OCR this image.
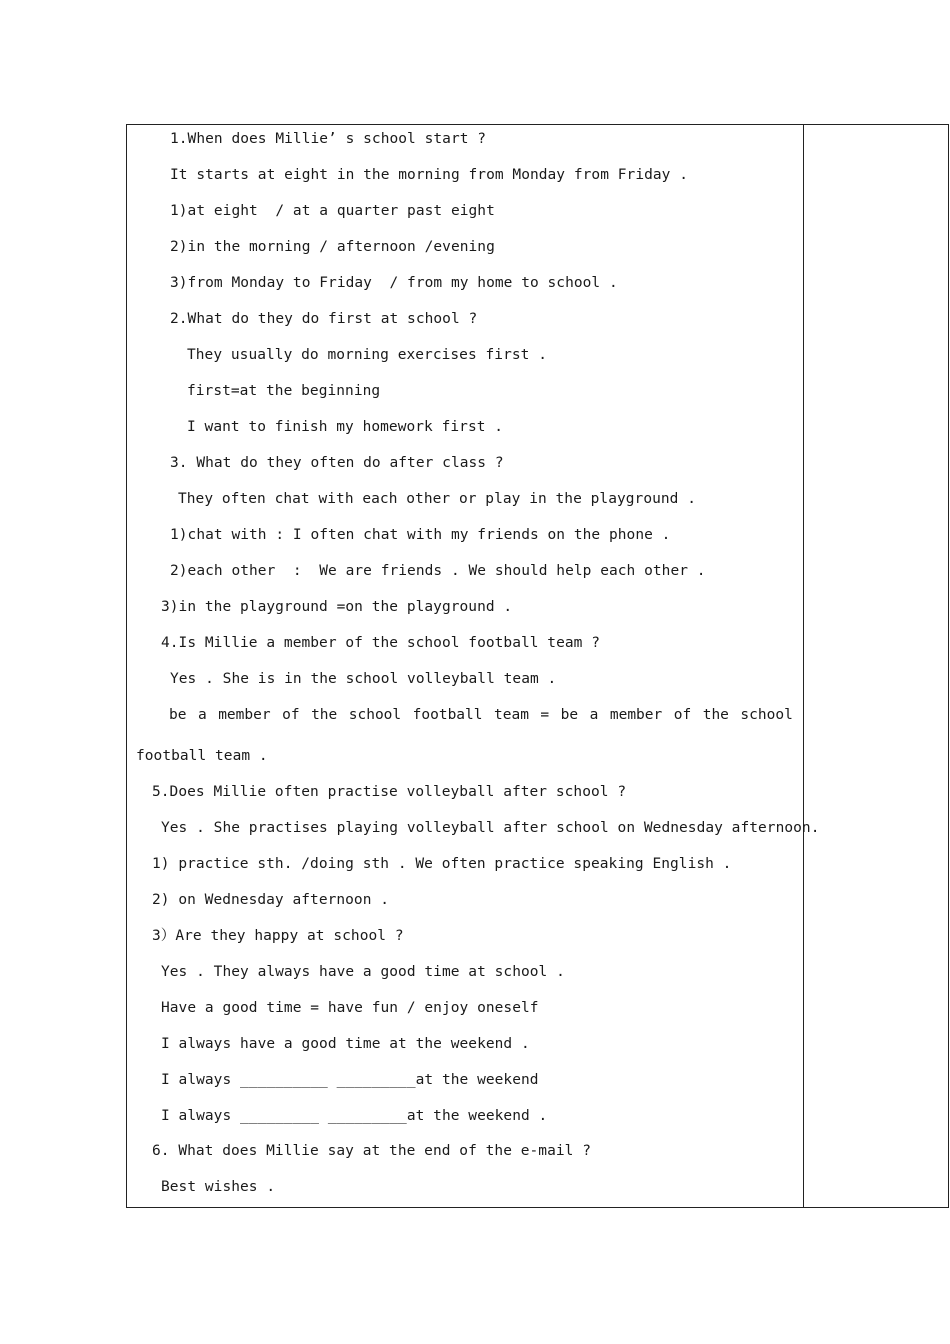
1.When does Millie’ s school start ?
It starts at eight in the morning from Monday from Friday .
1)at eight  / at a quarter past eight
2)in the morning / afternoon /evening
3)from Monday to Friday  / from my home to school .
2.What do they do first at school ?
They usually do morning exercises first .
first=at the beginning
I want to finish my homework first .
3. What do they often do after class ?
They often chat with each other or play in the playground .
1)chat with : I often chat with my friends on the phone .
2)each other  :  We are friends . We should help each other .
3)in the playground =on the playground .
4.Is Millie a member of the school football team ?
Yes . She is in the school volleyball team .
be a member of the school football team = be a member of the school
football team .
5.Does Millie often practise volleyball after school ?
Yes . She practises playing volleyball after school on Wednesday afternoon.
1) practice sth. /doing sth . We often practice speaking English .
2) on Wednesday afternoon .
3）Are they happy at school ?
Yes . They always have a good time at school .
Have a good time = have fun / enjoy oneself
I always have a good time at the weekend .
I always __________ _________at the weekend
I always _________ _________at the weekend .
6. What does Millie say at the end of the e-mail ?
Best wishes .
